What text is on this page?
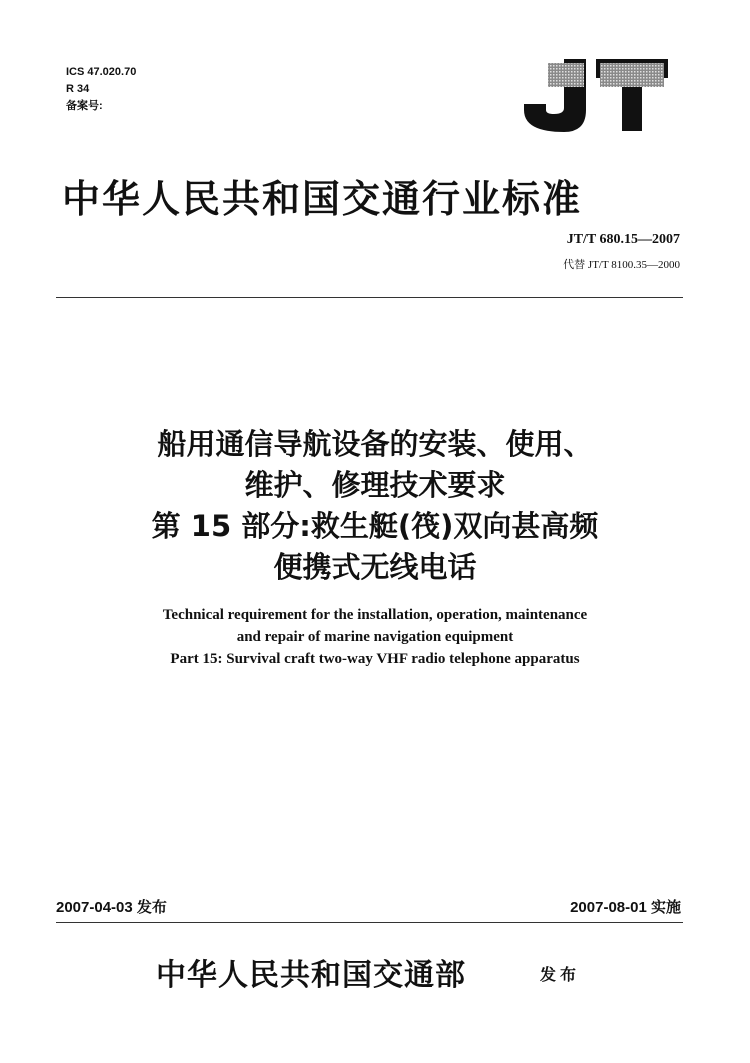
ICS 47.020.70
R 34
备案号:
中华人民共和国交通行业标准
JT/T 680.15—2007
代替 JT/T 8100.35—2000
船用通信导航设备的安装、使用、
维护、修理技术要求
第 15 部分:救生艇(筏)双向甚高频
便携式无线电话
Technical requirement for the installation, operation, maintenance
and repair of marine navigation equipment
Part 15: Survival craft two-way VHF radio telephone apparatus
2007-04-03 发布	2007-08-01 实施
中华人民共和国交通部	发布
